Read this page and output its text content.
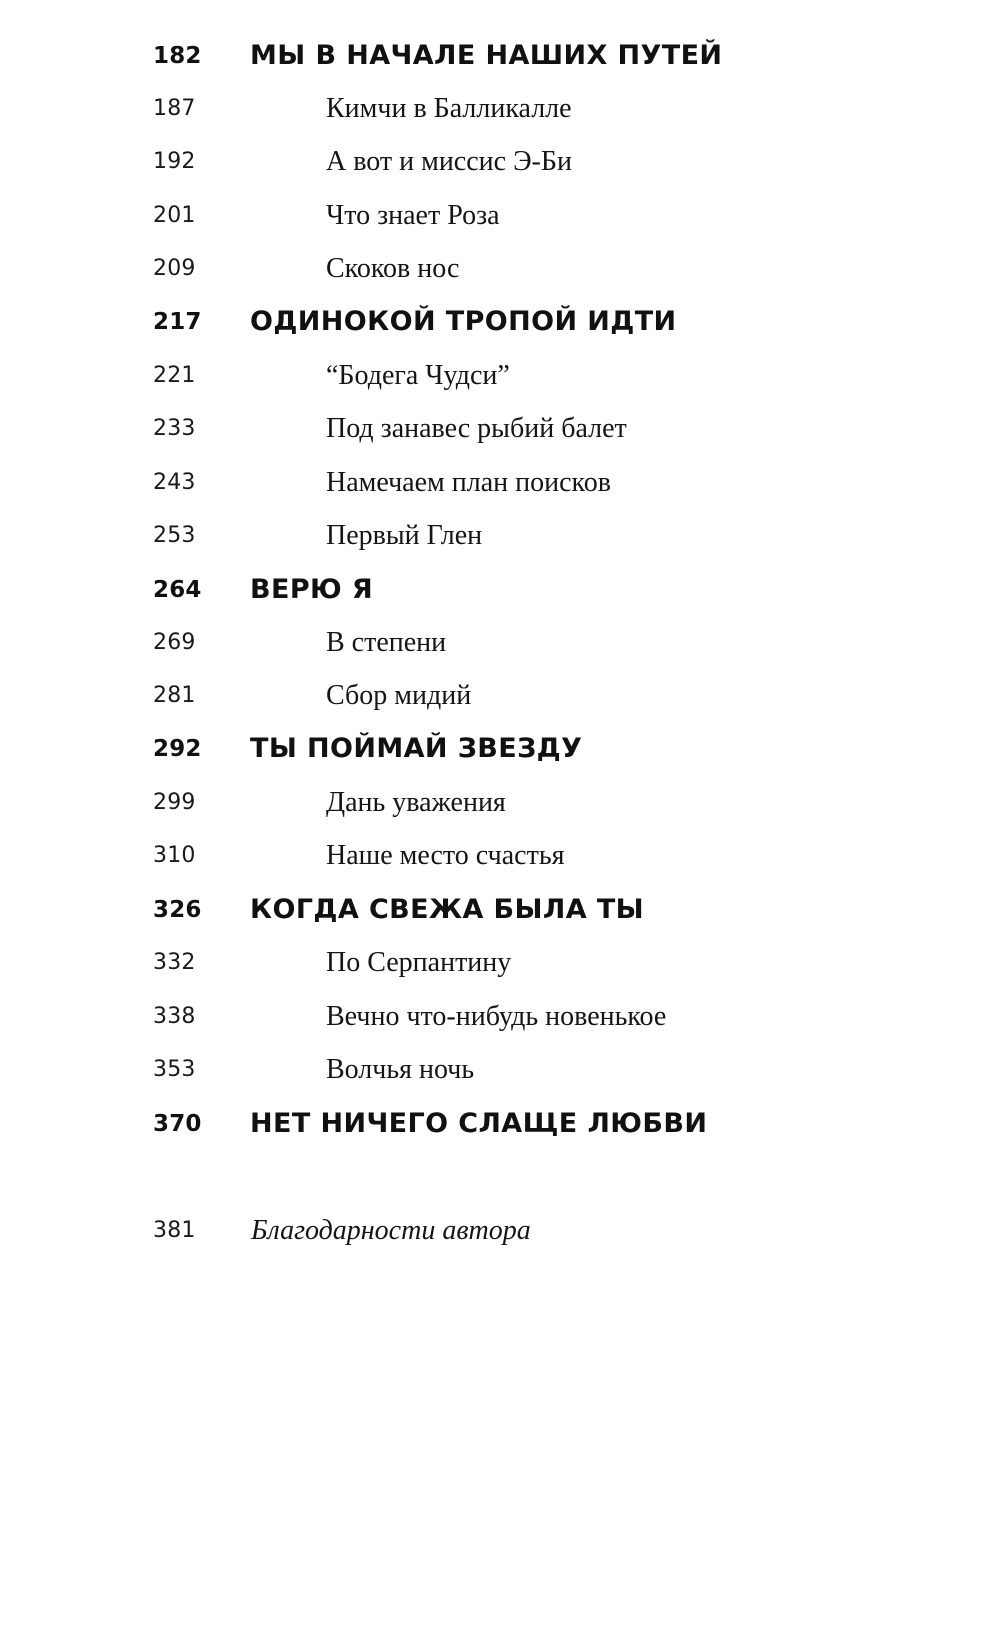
182 МЫ В НАЧАЛЕ НАШИХ ПУТЕЙ
187	Кимчи в Балликалле
192	А вот и миссис Э-Би
201	Что знает Роза
209	Скоков нос
217 ОДИНОКОЙ ТРОПОЙ ИДТИ
221	“Бодега Чудси”
233	Под занавес рыбий балет
243	Намечаем план поисков
253	Первый Глен
264 ВЕРЮ Я
269	В степени
281	Сбор мидий
292 ТЫ ПОЙМАЙ ЗВЕЗДУ
299	Дань уважения
310	Наше место счастья
326 КОГДА СВЕЖА БЫЛА ТЫ
332	По Серпантину
338	Вечно что-нибудь новенькое
353	Волчья ночь
370 НЕТ НИЧЕГО СЛАЩЕ ЛЮБВИ
381 Благодарности автора
